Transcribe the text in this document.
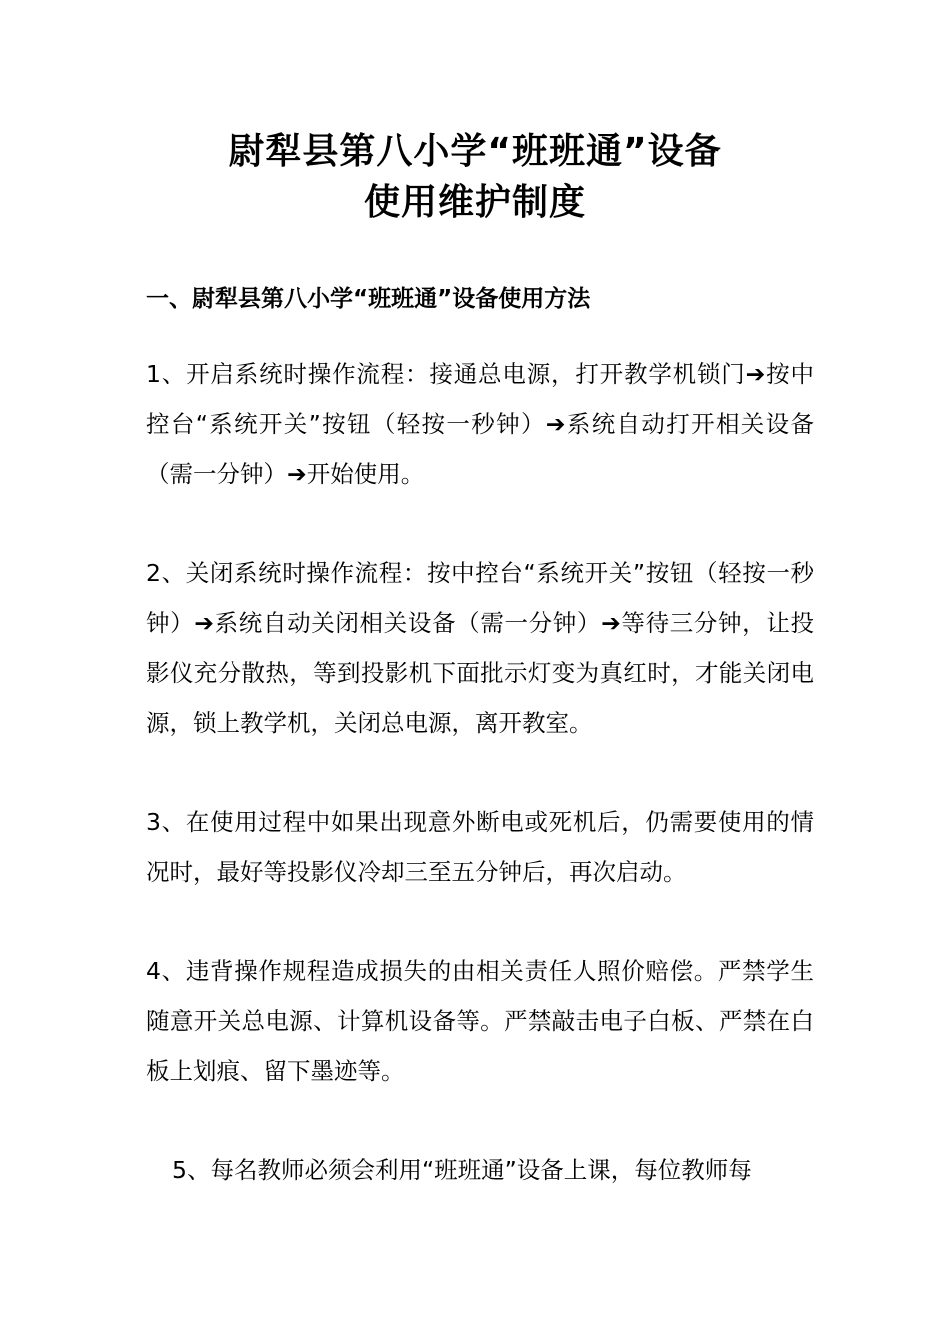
尉犁县第八小学“班班通”设备
使用维护制度
一、尉犁县第八小学“班班通”设备使用方法
1、开启系统时操作流程：接通总电源，打开教学机锁门➔按中控台“系统开关”按钮（轻按一秒钟）➔系统自动打开相关设备（需一分钟）➔开始使用。
2、关闭系统时操作流程：按中控台“系统开关”按钮（轻按一秒钟）➔系统自动关闭相关设备（需一分钟）➔等待三分钟，让投影仪充分散热，等到投影机下面批示灯变为真红时，才能关闭电源，锁上教学机，关闭总电源，离开教室。
3、在使用过程中如果出现意外断电或死机后，仍需要使用的情况时，最好等投影仪冷却三至五分钟后，再次启动。
4、违背操作规程造成损失的由相关责任人照价赔偿。严禁学生随意开关总电源、计算机设备等。严禁敲击电子白板、严禁在白板上划痕、留下墨迹等。
5、每名教师必须会利用“班班通”设备上课，每位教师每
